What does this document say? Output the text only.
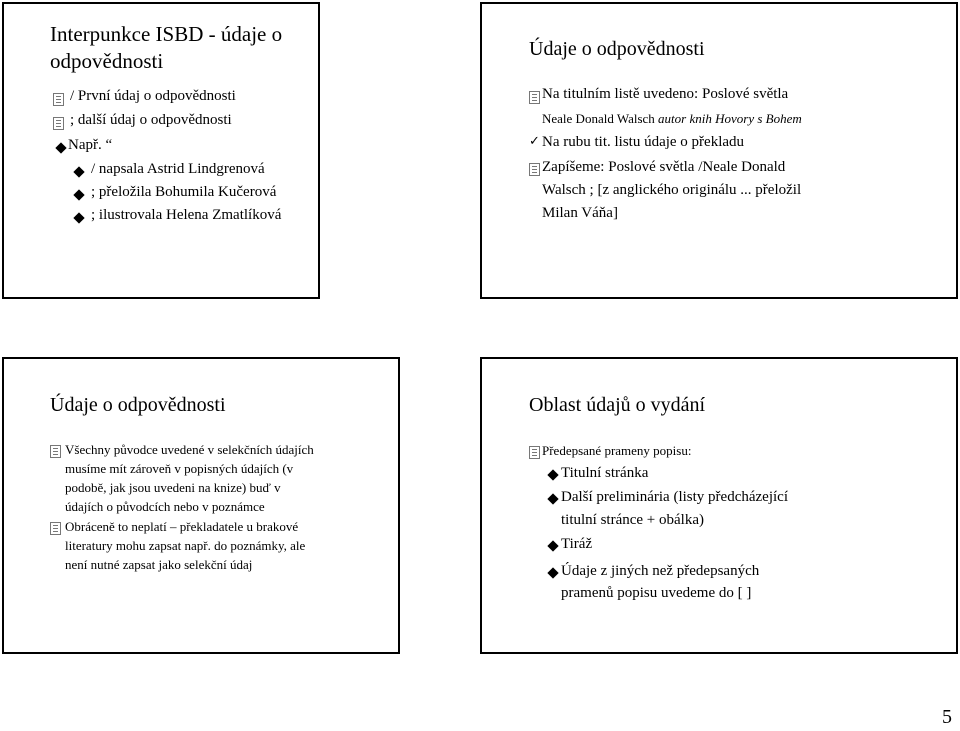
Interpunkce ISBD - údaje o
odpovědnosti
/ První údaj o odpovědnosti
; další údaj o odpovědnosti
Např. “
/ napsala Astrid Lindgrenová
; přeložila Bohumila Kučerová
; ilustrovala Helena Zmatlíková
Údaje o odpovědnosti
Na titulním listě uvedeno: Poslové světla
Neale Donald Walsch autor knih Hovory s Bohem
✓ Na rubu tit. listu údaje o překladu
Zapíšeme: Poslové světla /Neale Donald
Walsch ; [z anglického originálu ... přeložil
Milan Váňa]
Údaje o odpovědnosti
Všechny původce uvedené v selekčních údajích
musíme mít zároveň v popisných údajích (v
podobě, jak jsou uvedeni na knize) buď v
údajích o původcích nebo v poznámce
Obráceně to neplatí – překladatele u brakové
literatury mohu zapsat např. do poznámky, ale
není nutné zapsat jako selekční údaj
Oblast údajů o vydání
Předepsané prameny popisu:
Titulní stránka
Další preliminária (listy předcházející
titulní stránce + obálka)
Tiráž
Údaje z jiných než předepsaných
pramenů popisu uvedeme do [ ]
5
